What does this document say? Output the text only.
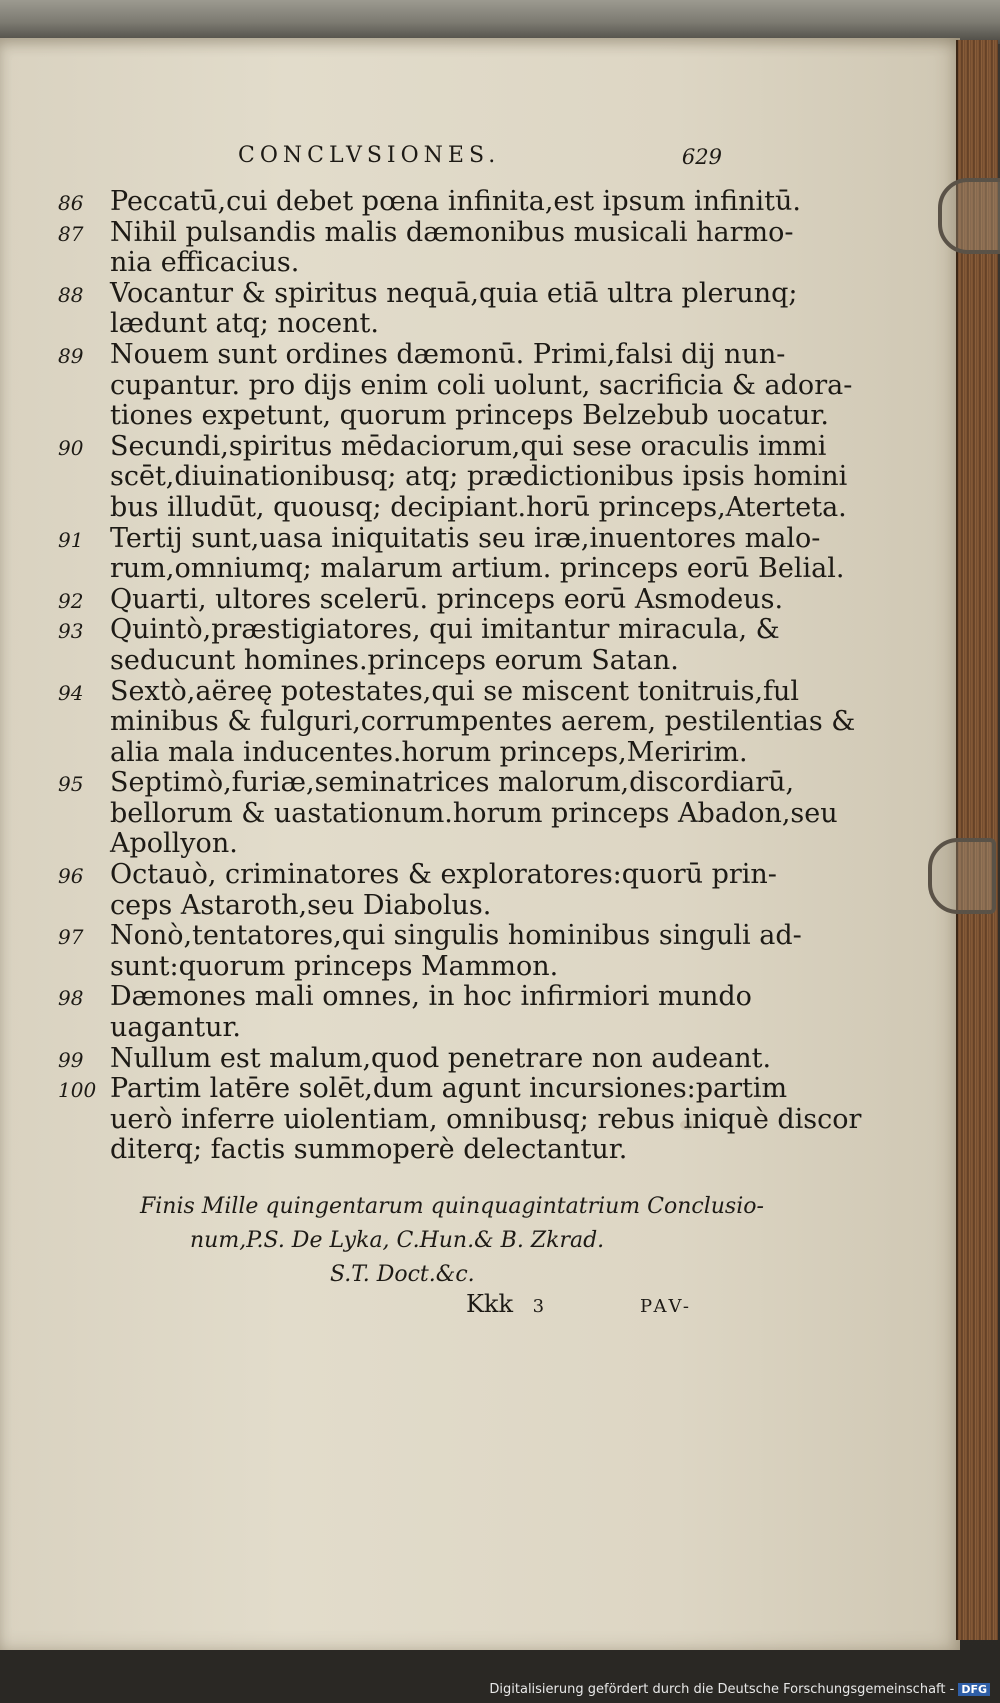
CONCLVSIONES.	629
86 Peccatū,cui debet pœna infinita,est ipsum infinitū.
87 Nihil pulsandis malis dæmonibus musicali harmo-
nia efficacius.
88 Vocantur & spiritus nequā,quia etiā ultra plerunq;
lædunt atq; nocent.
89 Nouem sunt ordines dæmonū. Primi,falsi dij nun-
cupantur. pro dijs enim coli uolunt, sacrificia & adora-
tiones expetunt, quorum princeps Belzebub uocatur.
90 Secundi,spiritus mēdaciorum,qui sese oraculis immi
scēt,diuinationibusq; atq; prædictionibus ipsis homini
bus illudūt, quousq; decipiant.horū princeps,Aterteta.
91 Tertij sunt,uasa iniquitatis seu iræ,inuentores malo-
rum,omniumq; malarum artium. princeps eorū Belial.
92 Quarti, ultores scelerū. princeps eorū Asmodeus.
93 Quintò,præstigiatores, qui imitantur miracula, &
seducunt homines.princeps eorum Satan.
94 Sextò,aëreę potestates,qui se miscent tonitruis,ful
minibus & fulguri,corrumpentes aerem, pestilentias &
alia mala inducentes.horum princeps,Meririm.
95 Septimò,furiæ,seminatrices malorum,discordiarū,
bellorum & uastationum.horum princeps Abadon,seu
Apollyon.
96 Octauò, criminatores & exploratores:quorū prin-
ceps Astaroth,seu Diabolus.
97 Nonò,tentatores,qui singulis hominibus singuli ad-
sunt:quorum princeps Mammon.
98 Dæmones mali omnes, in hoc infirmiori mundo
uagantur.
99 Nullum est malum,quod penetrare non audeant.
100 Partim latēre solēt,dum agunt incursiones:partim
uerò inferre uiolentiam, omnibusq; rebus iniquè discor
diterq; factis summoperè delectantur.
Finis Mille quingentarum quinquagintatrium Conclusio-
num,P.S. De Lyka, C.Hun.& B. Zkrad.
S.T. Doct.&c.
Kkk 3	PAV-
Digitalisierung gefördert durch die Deutsche Forschungsgemeinschaft - DFG
